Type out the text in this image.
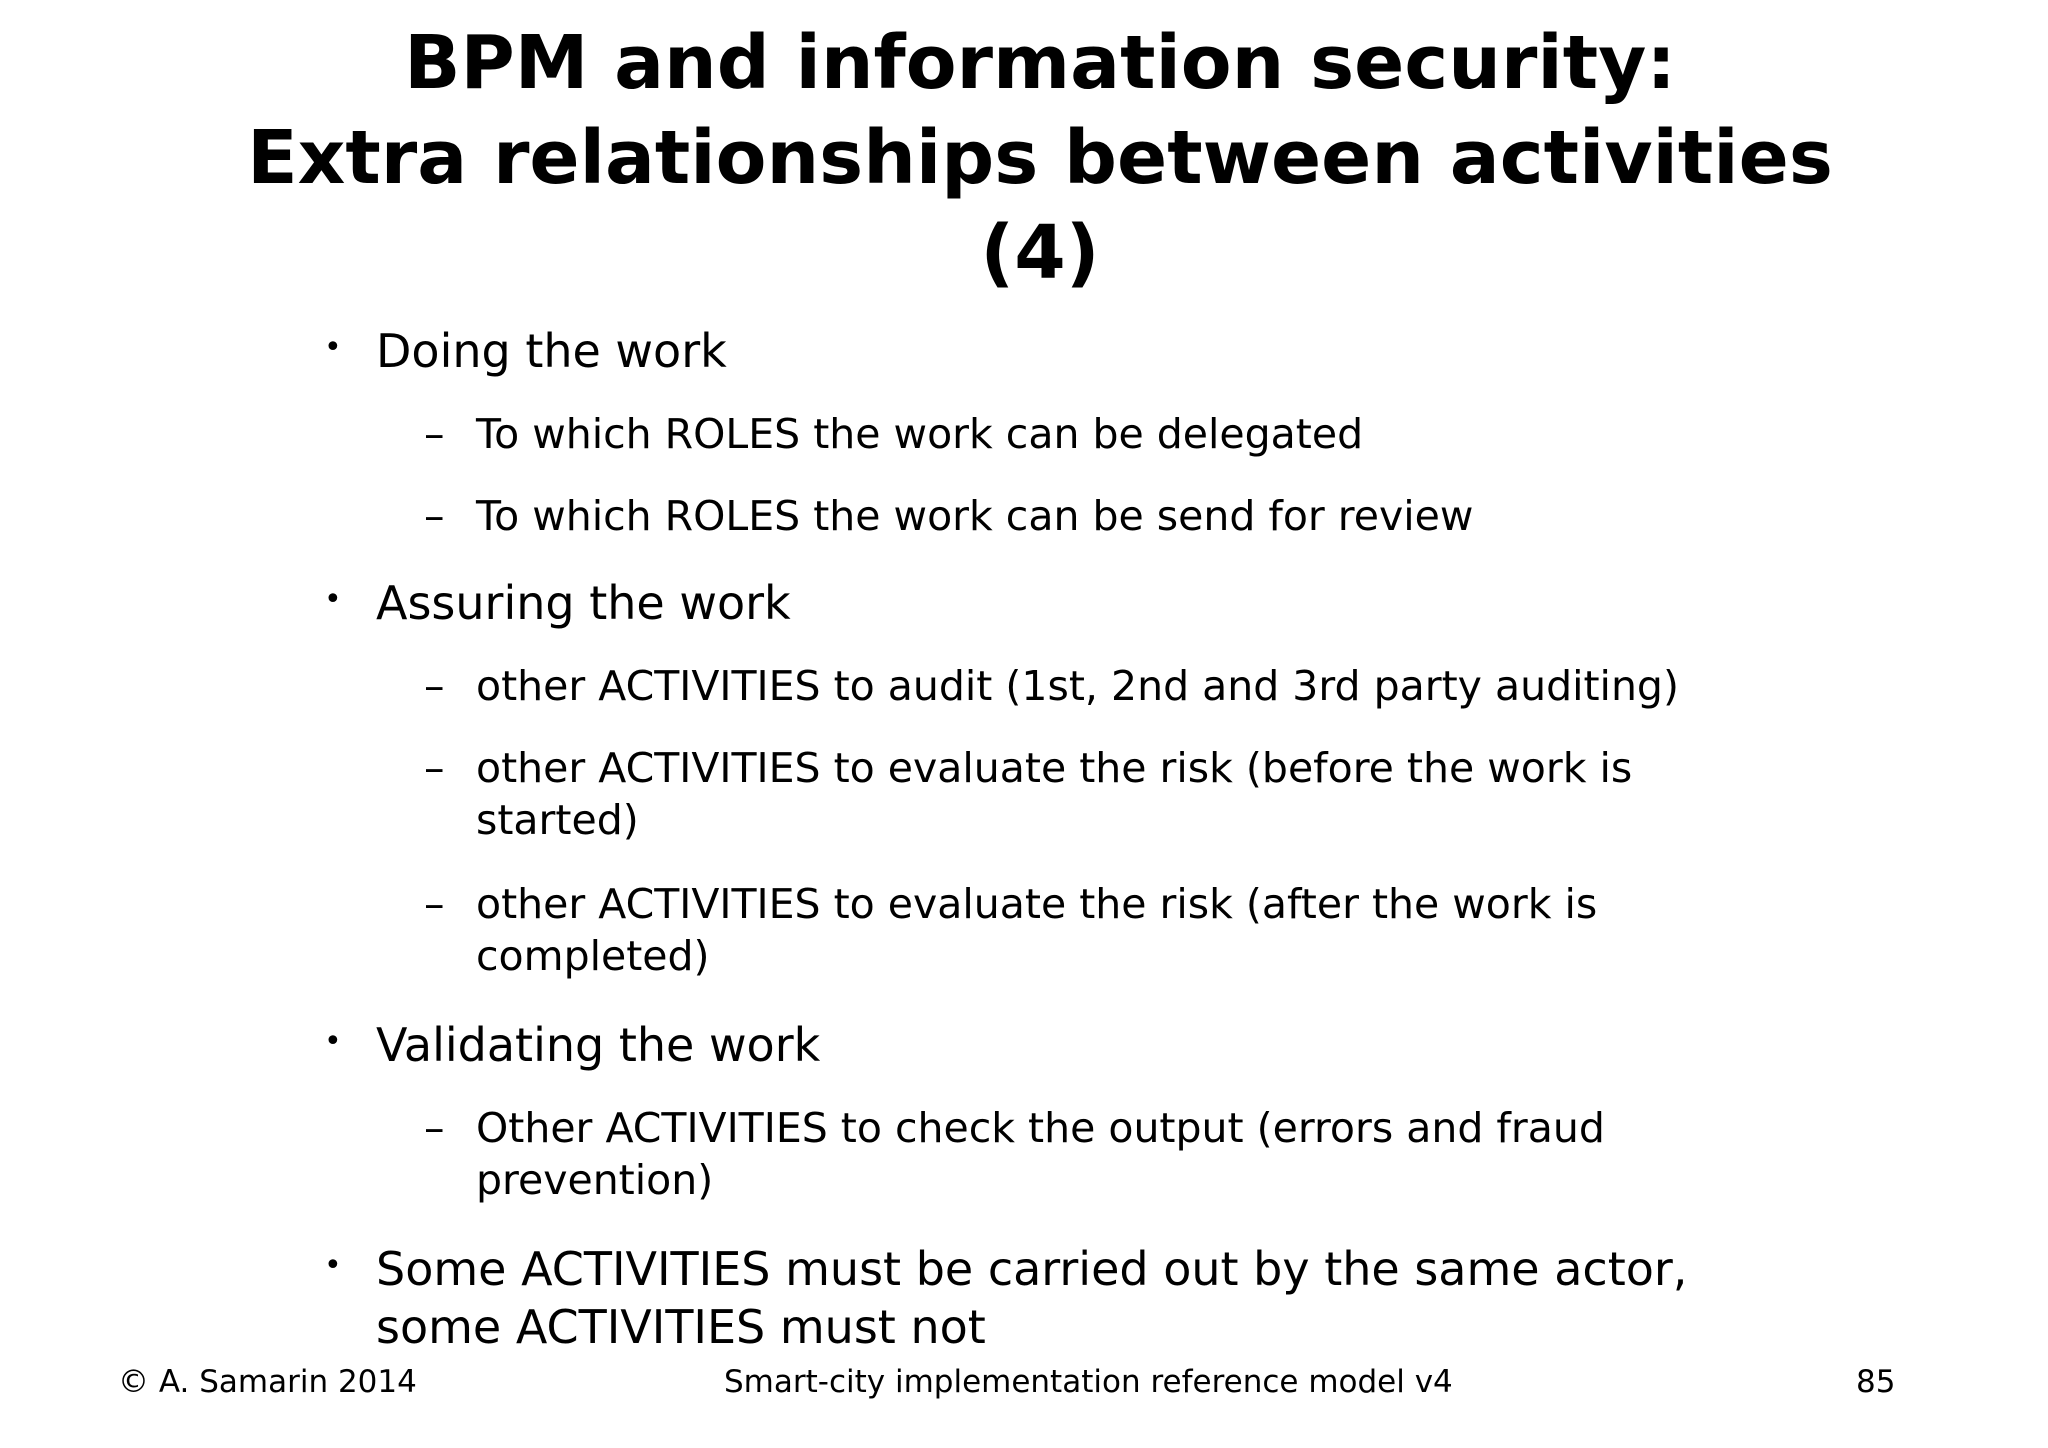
BPM and information security:
Extra relationships between activities
(4)
• Doing the work
– To which ROLES the work can be delegated
– To which ROLES the work can be send for review
• Assuring the work
– other ACTIVITIES to audit (1st, 2nd and 3rd party auditing)
– other ACTIVITIES to evaluate the risk (before the work is
started)
– other ACTIVITIES to evaluate the risk (after the work is
completed)
• Validating the work
– Other ACTIVITIES to check the output (errors and fraud
prevention)
• Some ACTIVITIES must be carried out by the same actor,
some ACTIVITIES must not
© A. Samarin 2014	Smart-city implementation reference model v4	85
